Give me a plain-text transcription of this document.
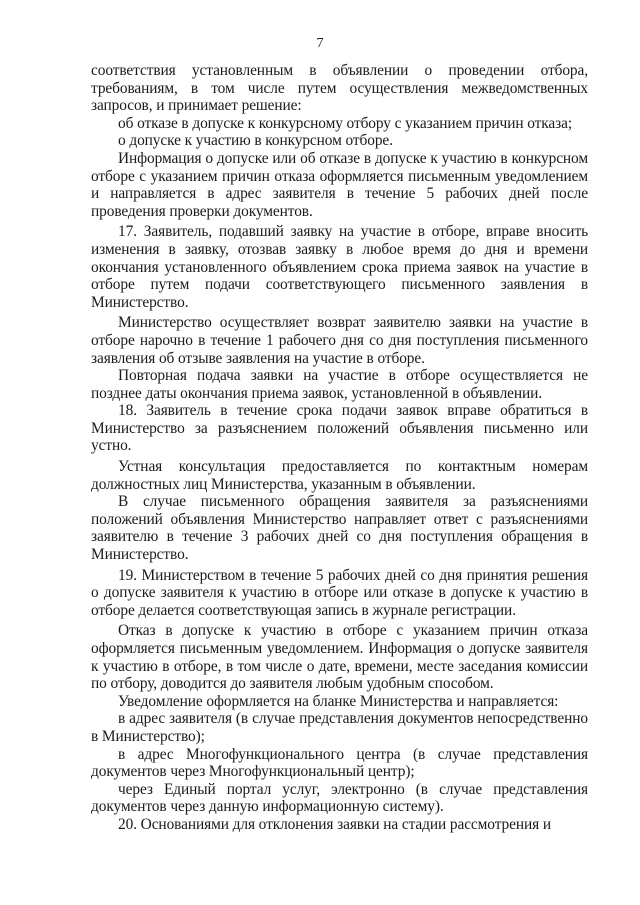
7

соответствия установленным в объявлении о проведении отбора, требованиям, в том числе путем осуществления межведомственных запросов, и принимает решение:

об отказе в допуске к конкурсному отбору с указанием причин отказа;

о допуске к участию в конкурсном отборе.

Информация о допуске или об отказе в допуске к участию в конкурсном отборе с указанием причин отказа оформляется письменным уведомлением и направляется в адрес заявителя в течение 5 рабочих дней после проведения проверки документов.

17. Заявитель, подавший заявку на участие в отборе, вправе вносить изменения в заявку, отозвав заявку в любое время до дня и времени окончания установленного объявлением срока приема заявок на участие в отборе путем подачи соответствующего письменного заявления в Министерство.

Министерство осуществляет возврат заявителю заявки на участие в отборе нарочно в течение 1 рабочего дня со дня поступления письменного заявления об отзыве заявления на участие в отборе.

Повторная подача заявки на участие в отборе осуществляется не позднее даты окончания приема заявок, установленной в объявлении.

18. Заявитель в течение срока подачи заявок вправе обратиться в Министерство за разъяснением положений объявления письменно или устно.

Устная консультация предоставляется по контактным номерам должностных лиц Министерства, указанным в объявлении.

В случае письменного обращения заявителя за разъяснениями положений объявления Министерство направляет ответ с разъяснениями заявителю в течение 3 рабочих дней со дня поступления обращения в Министерство.

19. Министерством в течение 5 рабочих дней со дня принятия решения о допуске заявителя к участию в отборе или отказе в допуске к участию в отборе делается соответствующая запись в журнале регистрации.

Отказ в допуске к участию в отборе с указанием причин отказа оформляется письменным уведомлением. Информация о допуске заявителя к участию в отборе, в том числе о дате, времени, месте заседания комиссии по отбору, доводится до заявителя любым удобным способом.

Уведомление оформляется на бланке Министерства и направляется:

в адрес заявителя (в случае представления документов непосредственно в Министерство);

в адрес Многофункционального центра (в случае представления документов через Многофункциональный центр);

через Единый портал услуг, электронно (в случае представления документов через данную информационную систему).

20. Основаниями для отклонения заявки на стадии рассмотрения и
